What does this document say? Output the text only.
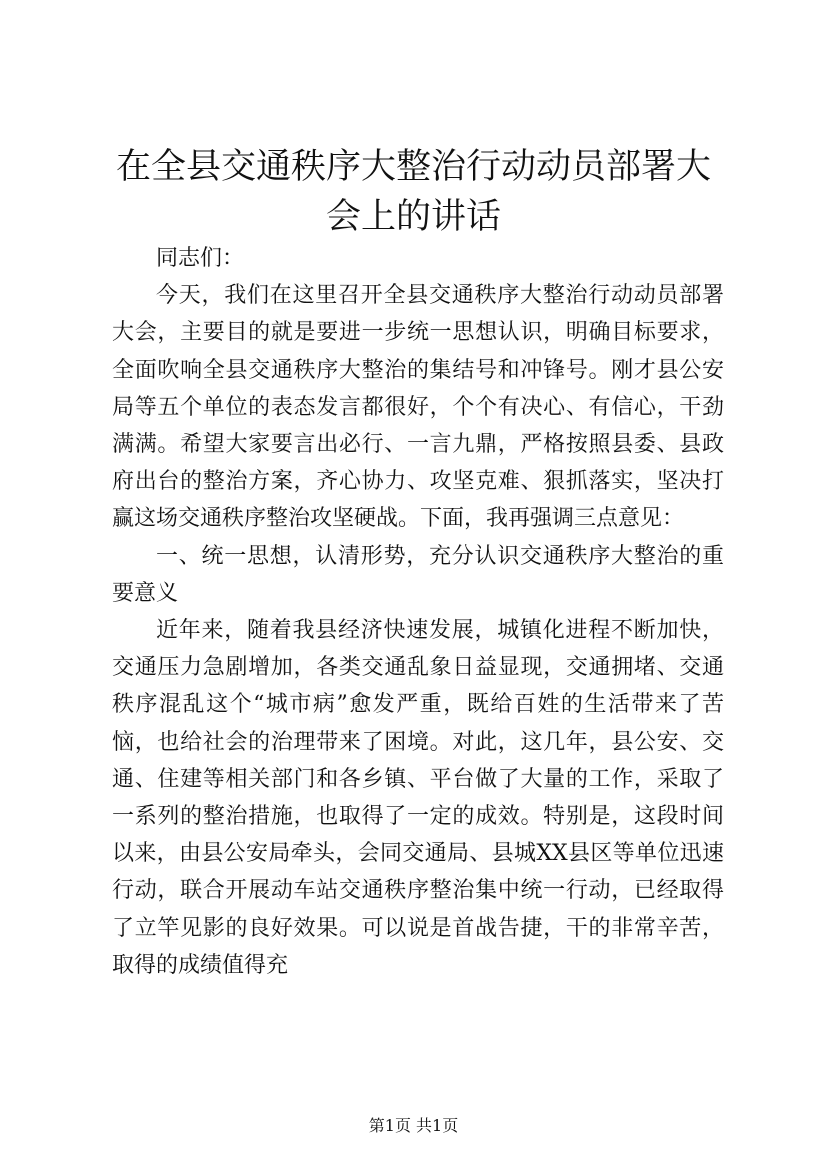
在全县交通秩序大整治行动动员部署大会上的讲话

同志们：

今天，我们在这里召开全县交通秩序大整治行动动员部署大会，主要目的就是要进一步统一思想认识，明确目标要求，全面吹响全县交通秩序大整治的集结号和冲锋号。刚才县公安局等五个单位的表态发言都很好，个个有决心、有信心，干劲满满。希望大家要言出必行、一言九鼎，严格按照县委、县政府出台的整治方案，齐心协力、攻坚克难、狠抓落实，坚决打赢这场交通秩序整治攻坚硬战。下面，我再强调三点意见：

一、统一思想，认清形势，充分认识交通秩序大整治的重要意义

近年来，随着我县经济快速发展，城镇化进程不断加快，交通压力急剧增加，各类交通乱象日益显现，交通拥堵、交通秩序混乱这个“城市病”愈发严重，既给百姓的生活带来了苦恼，也给社会的治理带来了困境。对此，这几年，县公安、交通、住建等相关部门和各乡镇、平台做了大量的工作，采取了一系列的整治措施，也取得了一定的成效。特别是，这段时间以来，由县公安局牵头，会同交通局、县城XX县区等单位迅速行动，联合开展动车站交通秩序整治集中统一行动，已经取得了立竿见影的良好效果。可以说是首战告捷，干的非常辛苦，取得的成绩值得充

第1页 共1页
